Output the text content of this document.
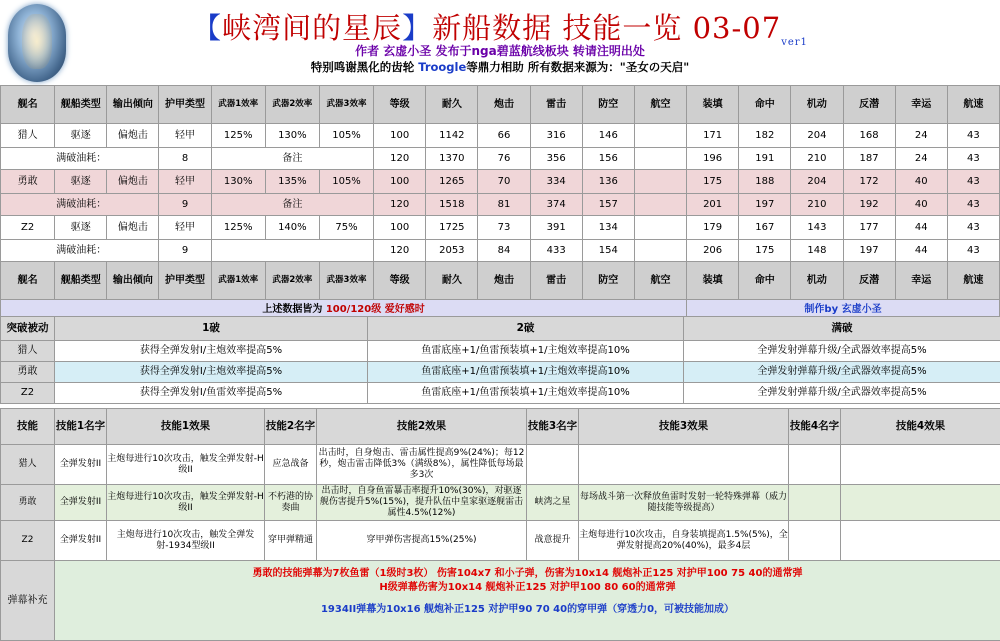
【峡湾间的星辰】新船数据 技能一览 $03-07_{ver1}$
作者 玄虚小圣 发布于nga碧蓝航线板块 转请注明出处
特别鸣谢黑化的齿轮 Troogle等鼎力相助 所有数据来源为："圣女の天启"
舰名	舰船类型	输出倾向	护甲类型	武器1效率	武器2效率	武器3效率	等级	耐久	炮击	雷击	防空	航空	装填	命中	机动	反潜	幸运	航速
猎人	驱逐	偏炮击	轻甲	125%	130%	105%	100	1142	66	316	146		171	182	204	168	24	43
满破油耗：			8	备注			120	1370	76	356	156		196	191	210	187	24	43
勇敢	驱逐	偏炮击	轻甲	130%	135%	105%	100	1265	70	334	136		175	188	204	172	40	43
满破油耗：			9	备注			120	1518	81	374	157		201	197	210	192	40	43
Z2	驱逐	偏炮击	轻甲	125%	140%	75%	100	1725	73	391	134		179	167	143	177	44	43
满破油耗：			9				120	2053	84	433	154		206	175	148	197	44	43
舰名	舰船类型	输出倾向	护甲类型	武器1效率	武器2效率	武器3效率	等级	耐久	炮击	雷击	防空	航空	装填	命中	机动	反潜	幸运	航速
上述数据皆为 100/120级 爱好感时													制作by 玄虚小圣					
突破被动	1破	2破	满破
猎人	获得全弹发射I/主炮效率提高5%	鱼雷底座+1/鱼雷预装填+1/主炮效率提高10%	全弹发射弹幕升级/全武器效率提高5%
勇敢	获得全弹发射I/主炮效率提高5%	鱼雷底座+1/鱼雷预装填+1/主炮效率提高10%	全弹发射弹幕升级/全武器效率提高5%
Z2	获得全弹发射I/鱼雷效率提高5%	鱼雷底座+1/鱼雷预装填+1/主炮效率提高10%	全弹发射弹幕升级/全武器效率提高5%
技能	技能1名字	技能1效果	技能2名字	技能2效果	技能3名字	技能3效果	技能4名字	技能4效果
猎人	全弹发射II	主炮每进行10次攻击，触发全弹发射-H级II	应急战备	出击时，自身炮击、雷击属性提高9%(24%)；每12秒，炮击雷击降低3%（满级8%），属性降低每场最多3次				
勇敢	全弹发射II	主炮每进行10次攻击，触发全弹发射-H级II	不朽港的协奏曲	出击时，自身鱼雷暴击率提升10%(30%)，对驱逐舰伤害提升5%(15%)，提升队伍中皇家驱逐舰雷击属性4.5%(12%)	峡湾之星	每场战斗第一次释放鱼雷时发射一轮特殊弹幕（威力随技能等级提高）		
Z2	全弹发射II	主炮每进行10次攻击，触发全弹发射-1934型级II	穿甲弹精通	穿甲弹伤害提高15%(25%)	战意提升	主炮每进行10次攻击，自身装填提高1.5%(5%)，全弹发射提高20%(40%)，最多4层		
弹幕补充	
勇敢的技能弹幕为7枚鱼雷（1级时3枚） 伤害104x7 和小子弹，伤害为10x14 舰炮补正125 对护甲100 75 40的通常弹
H级弹幕伤害为10x14 舰炮补正125 对护甲100 80 60的通常弹
1934II弹幕为10x16 舰炮补正125 对护甲90 70 40的穿甲弹（穿透力0，可被技能加成）
